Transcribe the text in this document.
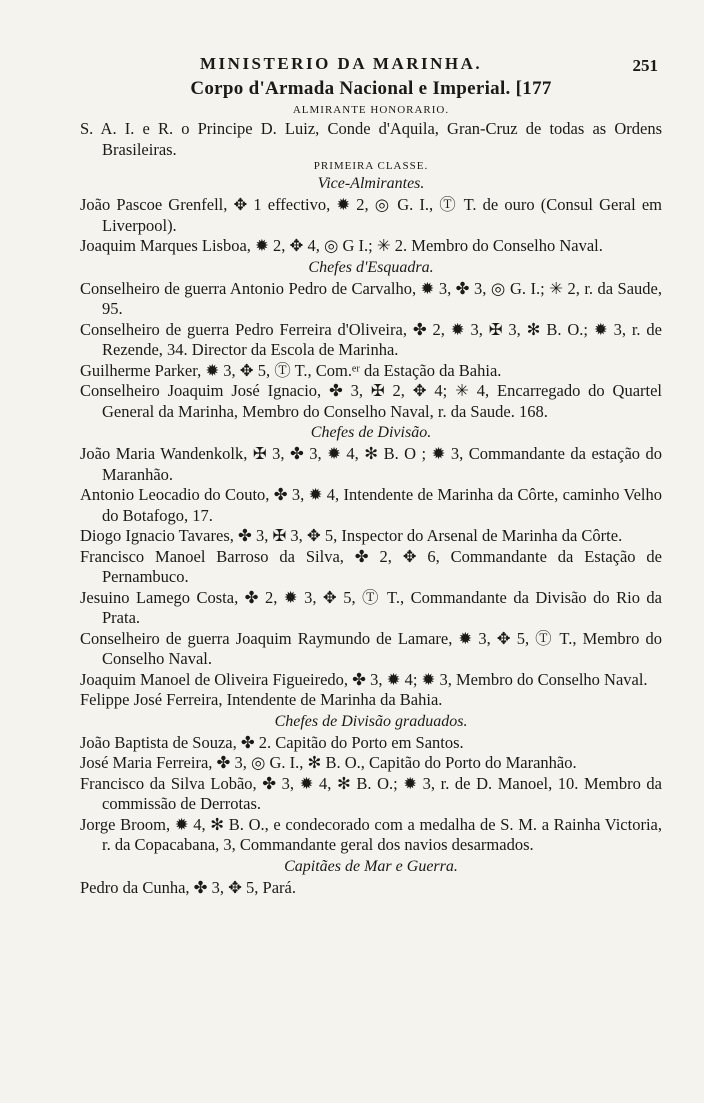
MINISTERIO DA MARINHA.	251
Corpo d'Armada Nacional e Imperial. [177
ALMIRANTE HONORARIO.

S. A. I. e R. o Principe D. Luiz, Conde d'Aquila, Gran-Cruz de todas as Ordens Brasileiras.

PRIMEIRA CLASSE.
Vice-Almirantes.

João Pascoe Grenfell, ✥ 1 effectivo, ✹ 2, ◎ G. I., Ⓣ T. de ouro (Consul Geral em Liverpool).

Joaquim Marques Lisboa, ✹ 2, ✥ 4, ◎ G I.; ✳ 2. Membro do Conselho Naval.

Chefes d'Esquadra.

Conselheiro de guerra Antonio Pedro de Carvalho, ✹ 3, ✤ 3, ◎ G. I.; ✳ 2, r. da Saude, 95.

Conselheiro de guerra Pedro Ferreira d'Oliveira, ✤ 2, ✹ 3, ✠ 3, ✻ B. O.; ✹ 3, r. de Rezende, 34. Director da Escola de Marinha.

Guilherme Parker, ✹ 3, ✥ 5, Ⓣ T., Com.ᵉʳ da Estação da Bahia.

Conselheiro Joaquim José Ignacio, ✤ 3, ✠ 2, ✥ 4; ✳ 4, Encarregado do Quartel General da Marinha, Membro do Conselho Naval, r. da Saude. 168.

Chefes de Divisão.

João Maria Wandenkolk, ✠ 3, ✤ 3, ✹ 4, ✻ B. O ; ✹ 3, Commandante da estação do Maranhão.

Antonio Leocadio do Couto, ✤ 3, ✹ 4, Intendente de Marinha da Côrte, caminho Velho do Botafogo, 17.

Diogo Ignacio Tavares, ✤ 3, ✠ 3, ✥ 5, Inspector do Arsenal de Marinha da Côrte.

Francisco Manoel Barroso da Silva, ✤ 2, ✥ 6, Commandante da Estação de Pernambuco.

Jesuino Lamego Costa, ✤ 2, ✹ 3, ✥ 5, Ⓣ T., Commandante da Divisão do Rio da Prata.

Conselheiro de guerra Joaquim Raymundo de Lamare, ✹ 3, ✥ 5, Ⓣ T., Membro do Conselho Naval.

Joaquim Manoel de Oliveira Figueiredo, ✤ 3, ✹ 4; ✹ 3, Membro do Conselho Naval.

Felippe José Ferreira, Intendente de Marinha da Bahia.

Chefes de Divisão graduados.

João Baptista de Souza, ✤ 2. Capitão do Porto em Santos.

José Maria Ferreira, ✤ 3, ◎ G. I., ✻ B. O., Capitão do Porto do Maranhão.

Francisco da Silva Lobão, ✤ 3, ✹ 4, ✻ B. O.; ✹ 3, r. de D. Manoel, 10. Membro da commissão de Derrotas.

Jorge Broom, ✹ 4, ✻ B. O., e condecorado com a medalha de S. M. a Rainha Victoria, r. da Copacabana, 3, Commandante geral dos navios desarmados.

Capitães de Mar e Guerra.

Pedro da Cunha, ✤ 3, ✥ 5, Pará.
